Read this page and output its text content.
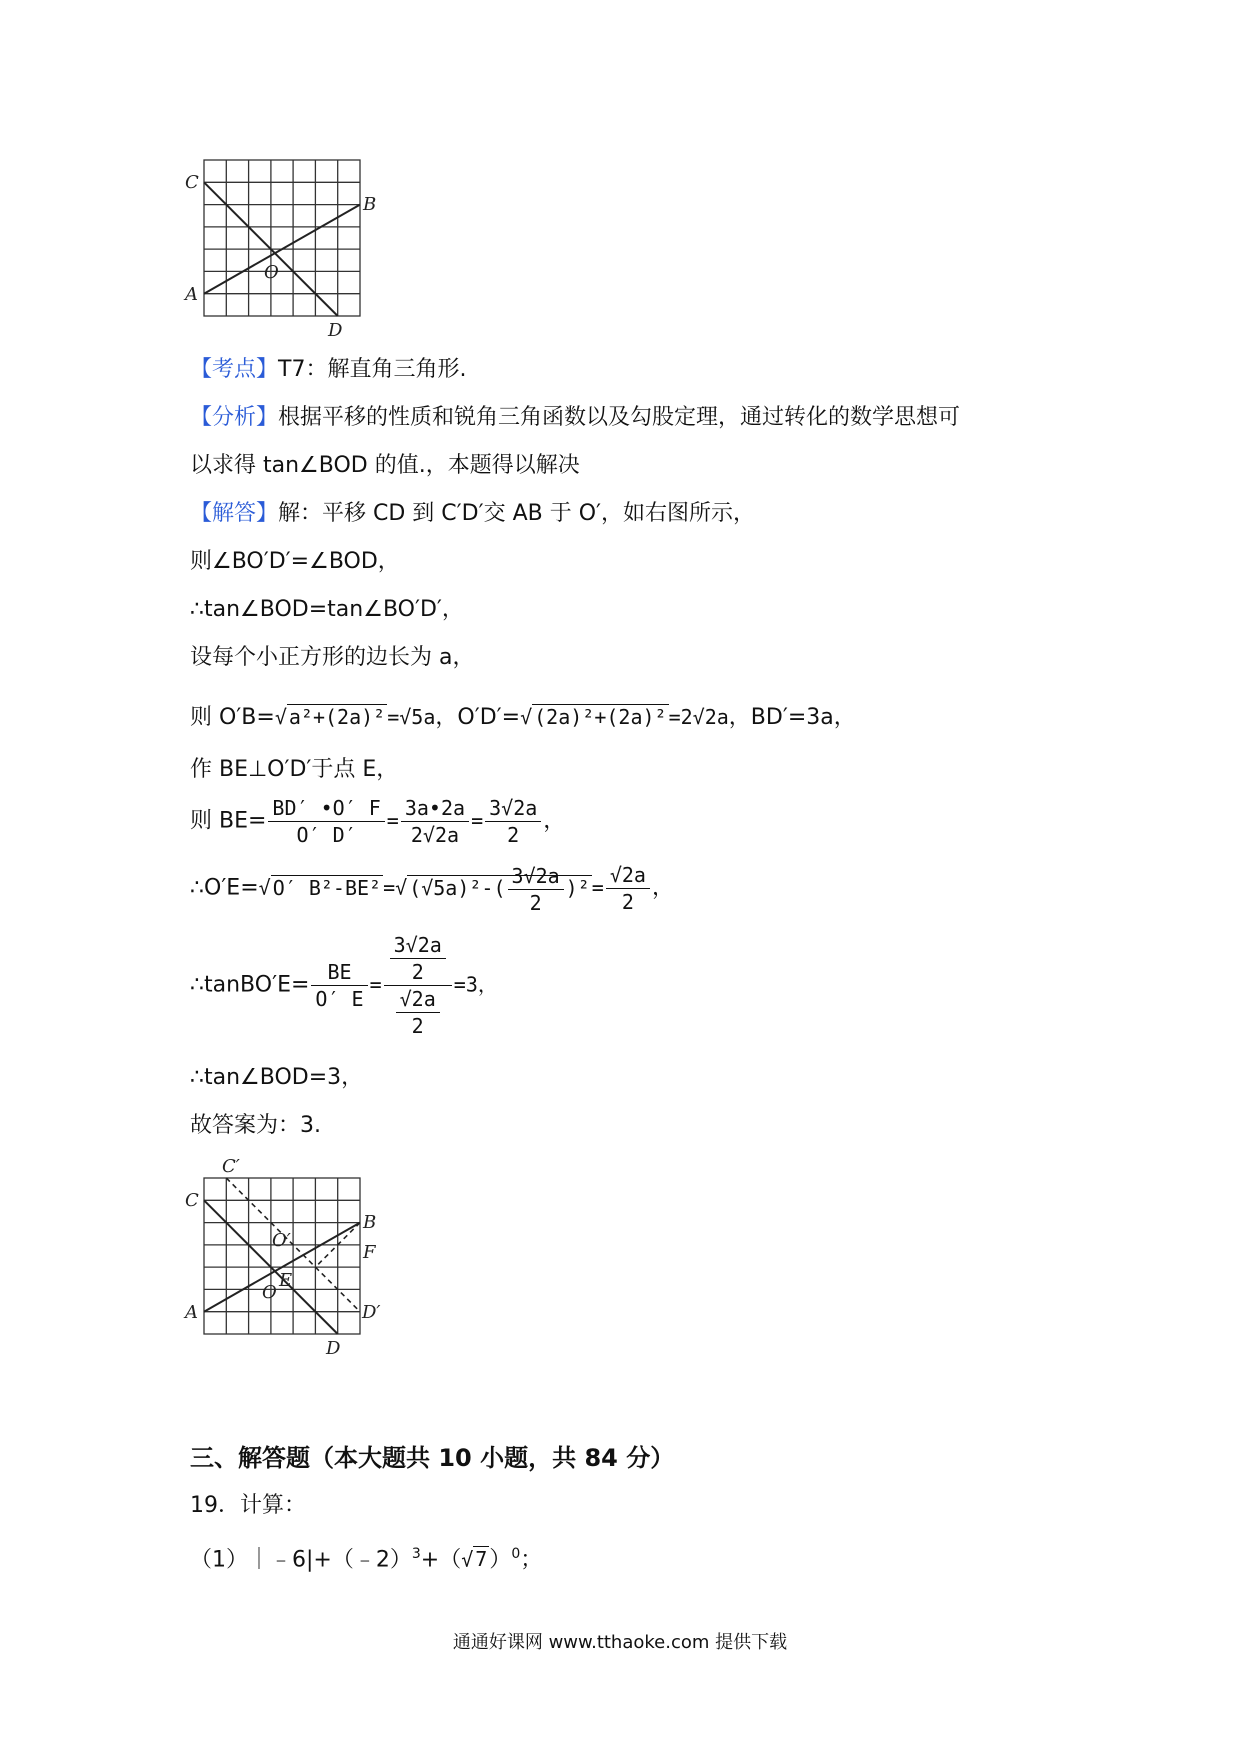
C
B
A
O
D
【考点】T7：解直角三角形.
【分析】根据平移的性质和锐角三角函数以及勾股定理，通过转化的数学思想可
以求得 tan∠BOD 的值.，本题得以解决
【解答】解：平移 CD 到 C′D′交 AB 于 O′，如右图所示，
则∠BO′D′=∠BOD，
∴tan∠BOD=tan∠BO′D′，
设每个小正方形的边长为 a，
则 O′B=√ a²+(2a)² =√5a，O′D′=√ (2a)²+(2a)² =2√2a，BD′=3a，
作 BE⊥O′D′于点 E，
则 $BE= \frac{BD' •O' F}{O' D'} = \frac{3a•2a}{2√2a} = \frac{3√2a}{2}$ ，
∴O′E=√ O′ B²-BE² =√ $(√5a)^2-( \frac{3√2a}{2} )^2 = \frac{√2a}{2}$ ，
∴tanBO′E= $\frac{BE}{O' E} = \frac{\frac{3√2a}{2}}{\frac{√2a}{2}} =3$，
∴tan∠BOD=3，
故答案为：3.
C′
C
O′
B
F
E
O
A	D′
D
三、解答题（本大题共 10 小题，共 84 分）
19．计算：
（1）｜﹣6|+（﹣2）$^3$+（√ 7）$^0$；
通通好课网 www.tthaoke.com 提供下载
